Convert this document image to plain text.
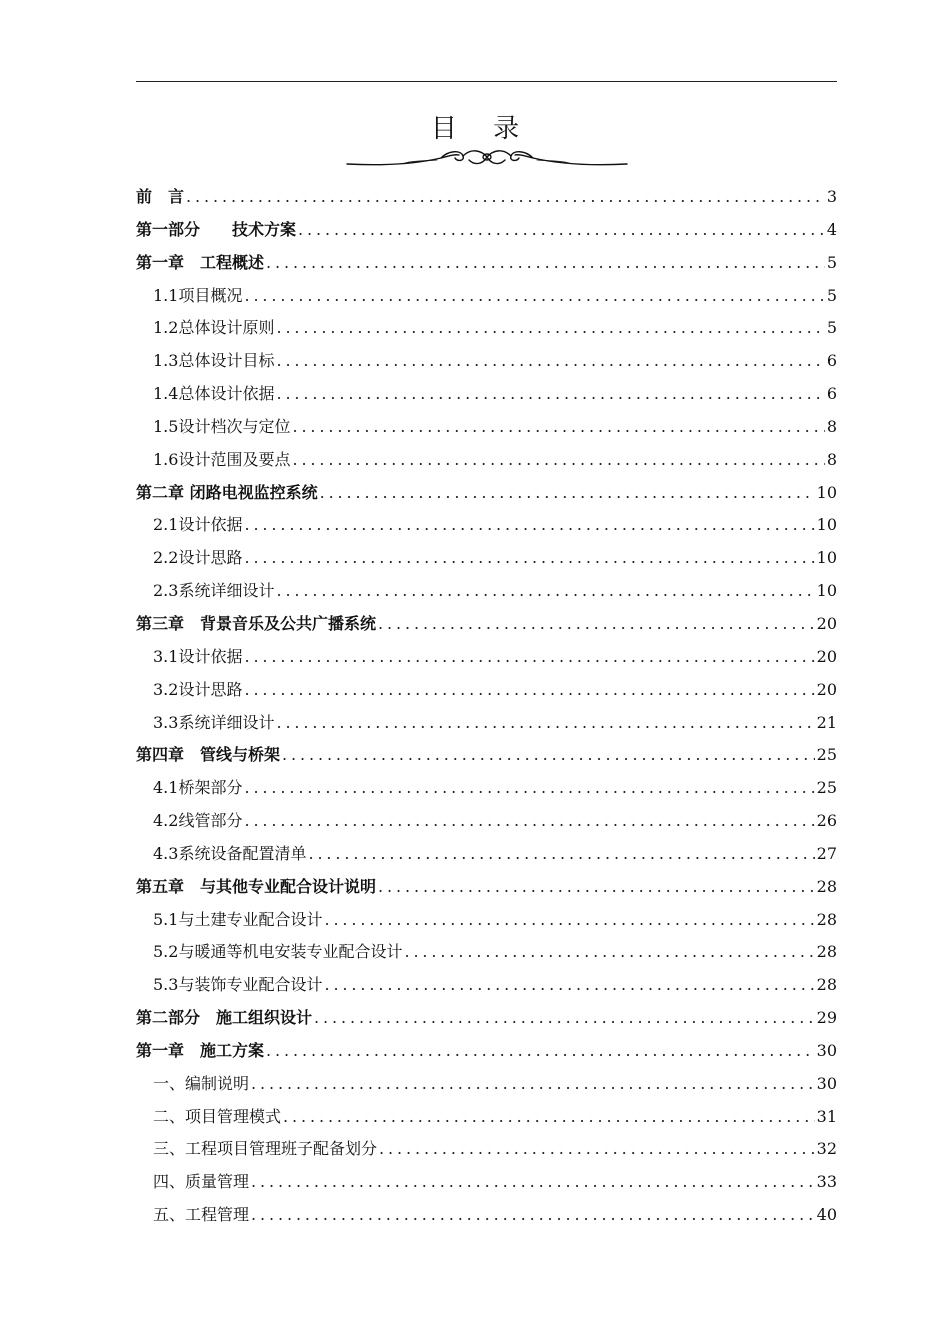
目 录
前　言 .....	3
第一部分　　技术方案 .....	4
第一章　工程概述 .....	5
1.1项目概况 .....	5
1.2总体设计原则 .....	5
1.3总体设计目标 .....	6
1.4总体设计依据 .....	6
1.5设计档次与定位 .....	8
1.6设计范围及要点 .....	8
第二章 闭路电视监控系统 .....	10
2.1设计依据 .....	10
2.2设计思路 .....	10
2.3系统详细设计 .....	10
第三章　背景音乐及公共广播系统 .....	20
3.1设计依据 .....	20
3.2设计思路 .....	20
3.3系统详细设计 .....	21
第四章　管线与桥架 .....	25
4.1桥架部分 .....	25
4.2线管部分 .....	26
4.3系统设备配置清单 .....	27
第五章　与其他专业配合设计说明 .....	28
5.1与土建专业配合设计 .....	28
5.2与暖通等机电安装专业配合设计 .....	28
5.3与装饰专业配合设计 .....	28
第二部分　施工组织设计 .....	29
第一章　施工方案 .....	30
一、编制说明 .....	30
二、项目管理模式 .....	31
三、工程项目管理班子配备划分 .....	32
四、质量管理 .....	33
五、工程管理 .....	40
